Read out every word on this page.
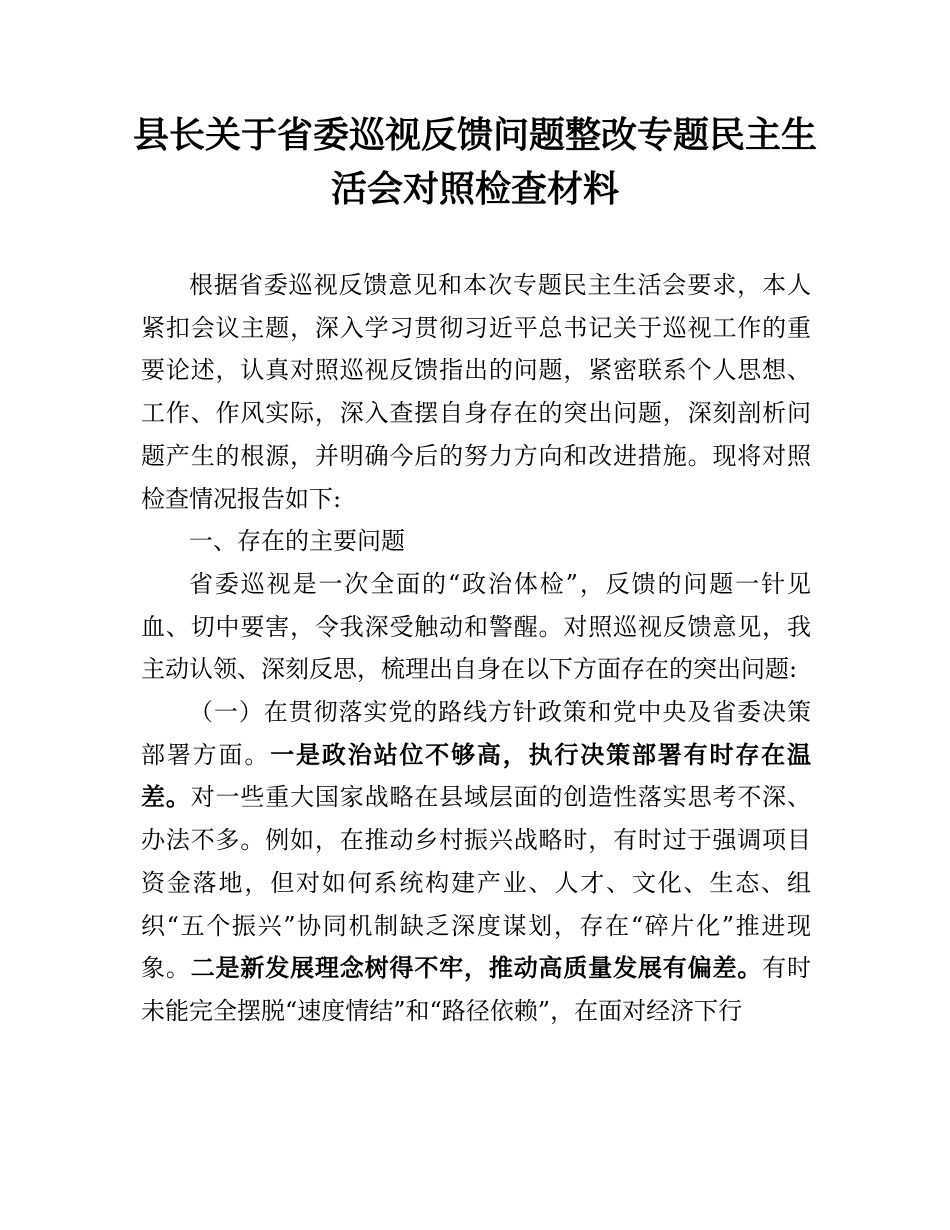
县长关于省委巡视反馈问题整改专题民主生
活会对照检查材料

根据省委巡视反馈意见和本次专题民主生活会要求，本人紧扣会议主题，深入学习贯彻习近平总书记关于巡视工作的重要论述，认真对照巡视反馈指出的问题，紧密联系个人思想、工作、作风实际，深入查摆自身存在的突出问题，深刻剖析问题产生的根源，并明确今后的努力方向和改进措施。现将对照检查情况报告如下:

一、存在的主要问题

省委巡视是一次全面的“政治体检”，反馈的问题一针见血、切中要害，令我深受触动和警醒。对照巡视反馈意见，我主动认领、深刻反思，梳理出自身在以下方面存在的突出问题:

（一）在贯彻落实党的路线方针政策和党中央及省委决策部署方面。一是政治站位不够高，执行决策部署有时存在温差。对一些重大国家战略在县域层面的创造性落实思考不深、办法不多。例如，在推动乡村振兴战略时，有时过于强调项目资金落地，但对如何系统构建产业、人才、文化、生态、组织“五个振兴”协同机制缺乏深度谋划，存在“碎片化”推进现象。二是新发展理念树得不牢，推动高质量发展有偏差。有时未能完全摆脱“速度情结”和“路径依赖”，在面对经济下行
